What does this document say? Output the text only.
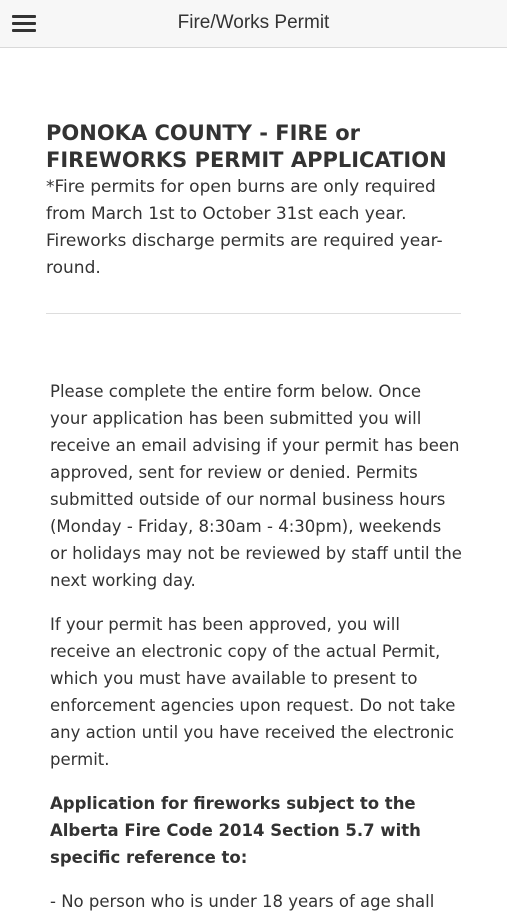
Fire/Works Permit
PONOKA COUNTY - FIRE or FIREWORKS PERMIT APPLICATION

*Fire permits for open burns are only required from March 1st to October 31st each year. Fireworks discharge permits are required year-round.

Please complete the entire form below. Once your application has been submitted you will receive an email advising if your permit has been approved, sent for review or denied. Permits submitted outside of our normal business hours (Monday - Friday, 8:30am - 4:30pm), weekends or holidays may not be reviewed by staff until the next working day.

If your permit has been approved, you will receive an electronic copy of the actual Permit, which you must have available to present to enforcement agencies upon request. Do not take any action until you have received the electronic permit.

Application for fireworks subject to the Alberta Fire Code 2014 Section 5.7 with specific reference to:

- No person who is under 18 years of age shall
